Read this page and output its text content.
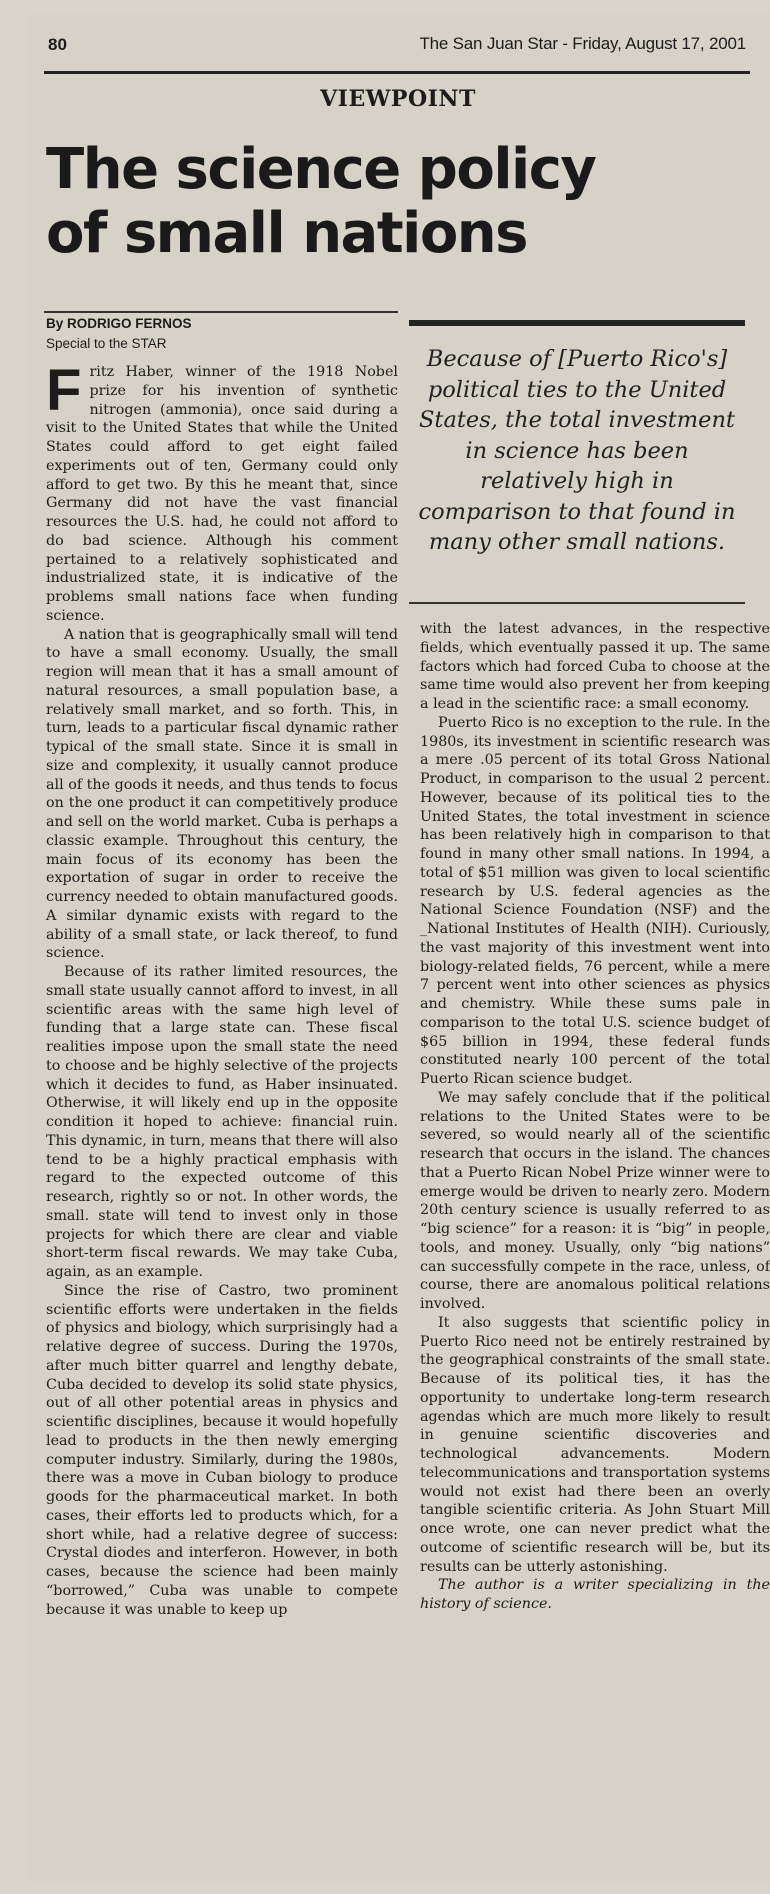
80	The San Juan Star - Friday, August 17, 2001
VIEWPOINT
The science policy
of small nations
By RODRIGO FERNOS
Special to the STAR
Because of [Puerto Rico's] political ties to the United States, the total investment in science has been relatively high in comparison to that found in many other small nations.

Fritz Haber, winner of the 1918 Nobel prize for his invention of synthetic nitrogen (ammonia), once said during a visit to the United States that while the United States could afford to get eight failed experiments out of ten, Germany could only afford to get two. By this he meant that, since Germany did not have the vast financial resources the U.S. had, he could not afford to do bad science. Although his comment pertained to a relatively sophisticated and industrialized state, it is indicative of the problems small nations face when funding science.

A nation that is geographically small will tend to have a small economy. Usually, the small region will mean that it has a small amount of natural resources, a small population base, a relatively small market, and so forth. This, in turn, leads to a particular fiscal dynamic rather typical of the small state. Since it is small in size and complexity, it usually cannot produce all of the goods it needs, and thus tends to focus on the one product it can competitively produce and sell on the world market. Cuba is perhaps a classic example. Throughout this century, the main focus of its economy has been the exportation of sugar in order to receive the currency needed to obtain manufactured goods. A similar dynamic exists with regard to the ability of a small state, or lack thereof, to fund science.

Because of its rather limited resources, the small state usually cannot afford to invest, in all scientific areas with the same high level of funding that a large state can. These fiscal realities impose upon the small state the need to choose and be highly selective of the projects which it decides to fund, as Haber insinuated. Otherwise, it will likely end up in the opposite condition it hoped to achieve: financial ruin. This dynamic, in turn, means that there will also tend to be a highly practical emphasis with regard to the expected outcome of this research, rightly so or not. In other words, the small. state will tend to invest only in those projects for which there are clear and viable short-term fiscal rewards. We may take Cuba, again, as an example.

Since the rise of Castro, two prominent scientific efforts were undertaken in the fields of physics and biology, which surprisingly had a relative degree of success. During the 1970s, after much bitter quarrel and lengthy debate, Cuba decided to develop its solid state physics, out of all other potential areas in physics and scientific disciplines, because it would hopefully lead to products in the then newly emerging computer industry. Similarly, during the 1980s, there was a move in Cuban biology to produce goods for the pharmaceutical market. In both cases, their efforts led to products which, for a short while, had a relative degree of success: Crystal diodes and interferon. However, in both cases, because the science had been mainly “borrowed,” Cuba was unable to compete because it was unable to keep up

with the latest advances, in the respective fields, which eventually passed it up. The same factors which had forced Cuba to choose at the same time would also prevent her from keeping a lead in the scientific race: a small economy.

Puerto Rico is no exception to the rule. In the 1980s, its investment in scientific research was a mere .05 percent of its total Gross National Product, in comparison to the usual 2 percent. However, because of its political ties to the United States, the total investment in science has been relatively high in comparison to that found in many other small nations. In 1994, a total of $51 million was given to local scientific research by U.S. federal agencies as the National Science Foundation (NSF) and the _National Institutes of Health (NIH). Curiously, the vast majority of this investment went into biology-related fields, 76 percent, while a mere 7 percent went into other sciences as physics and chemistry. While these sums pale in comparison to the total U.S. science budget of $65 billion in 1994, these federal funds constituted nearly 100 percent of the total Puerto Rican science budget.

We may safely conclude that if the political relations to the United States were to be severed, so would nearly all of the scientific research that occurs in the island. The chances that a Puerto Rican Nobel Prize winner were to emerge would be driven to nearly zero. Modern 20th century science is usually referred to as “big science” for a reason: it is “big” in people, tools, and money. Usually, only “big nations” can successfully compete in the race, unless, of course, there are anomalous political relations involved.

It also suggests that scientific policy in Puerto Rico need not be entirely restrained by the geographical constraints of the small state. Because of its political ties, it has the opportunity to undertake long-term research agendas which are much more likely to result in genuine scientific discoveries and technological advancements. Modern telecommunications and transportation systems would not exist had there been an overly tangible scientific criteria. As John Stuart Mill once wrote, one can never predict what the outcome of scientific research will be, but its results can be utterly astonishing.

The author is a writer specializing in the history of science.
